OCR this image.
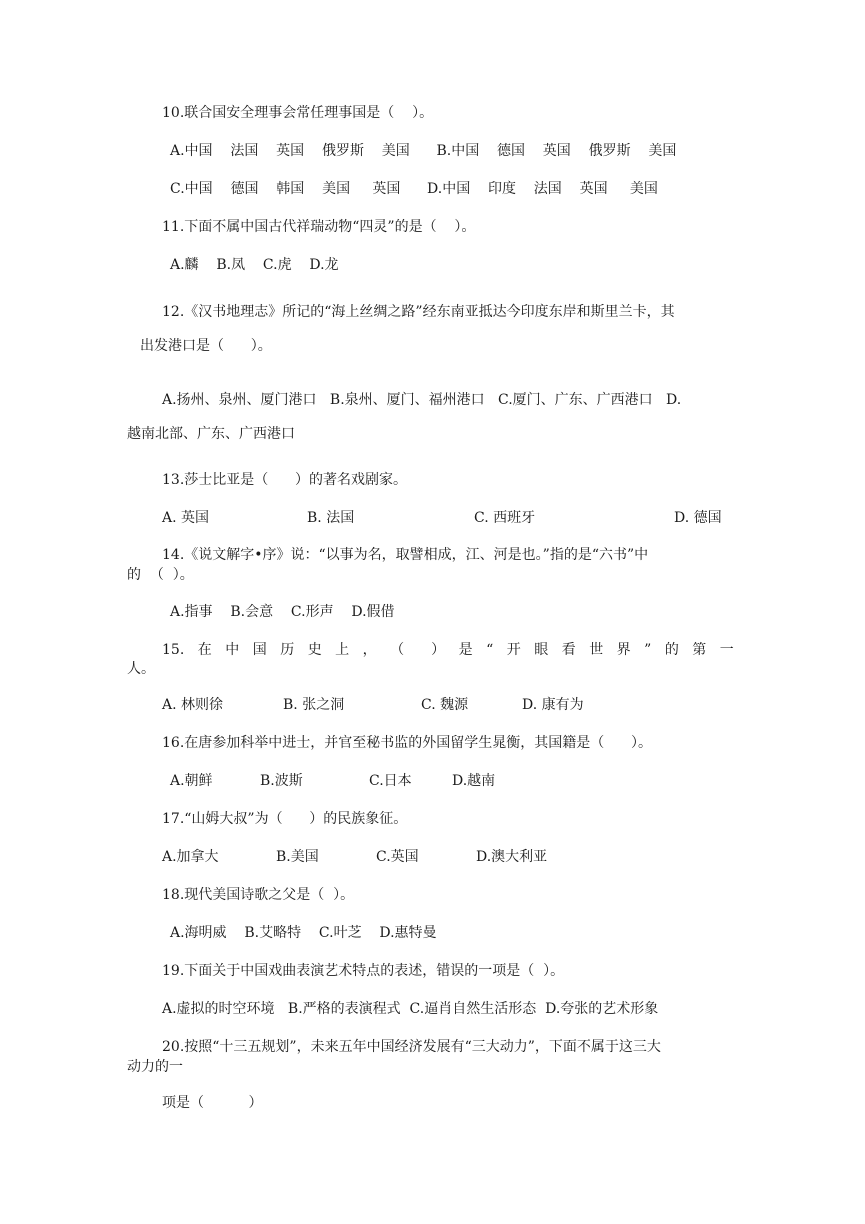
10.联合国安全理事会常任理事国是（    ）。
A.中国    法国    英国    俄罗斯    美国      B.中国    德国    英国    俄罗斯    美国
C.中国    德国    韩国    美国     英国      D.中国    印度    法国    英国     美国
11.下面不属中国古代祥瑞动物“四灵”的是（    ）。
A.麟    B.凤    C.虎    D.龙
12.《汉书地理志》所记的“海上丝绸之路”经东南亚抵达今印度东岸和斯里兰卡，其
出发港口是（      ）。
A.扬州、泉州、厦门港口   B.泉州、厦门、福州港口   C.厦门、广东、广西港口   D.
越南北部、广东、广西港口
13.莎士比亚是（      ）的著名戏剧家。
A. 英国	B. 法国	C. 西班牙	D. 德国
14.《说文解字•序》说：“以事为名，取譬相成，江、河是也。”指的是“六书”中
的  （  ）。
A.指事    B.会意    C.形声    D.假借
15. 在 中 国 历 史 上 ， （ ） 是 “ 开 眼 看 世 界 ” 的 第 一
人。
A. 林则徐	B. 张之洞	C. 魏源	D. 康有为
16.在唐参加科举中进士，并官至秘书监的外国留学生晁衡，其国籍是（      ）。
A.朝鲜	B.波斯	C.日本	D.越南
17.“山姆大叔”为（      ）的民族象征。
A.加拿大	B.美国	C.英国	D.澳大利亚
18.现代美国诗歌之父是（  ）。
A.海明威    B.艾略特    C.叶芝    D.惠特曼
19.下面关于中国戏曲表演艺术特点的表述，错误的一项是（  ）。
A.虚拟的时空环境   B.严格的表演程式  C.逼肖自然生活形态  D.夸张的艺术形象
20.按照“十三五规划”，未来五年中国经济发展有“三大动力”，下面不属于这三大
动力的一
项是（          ）
